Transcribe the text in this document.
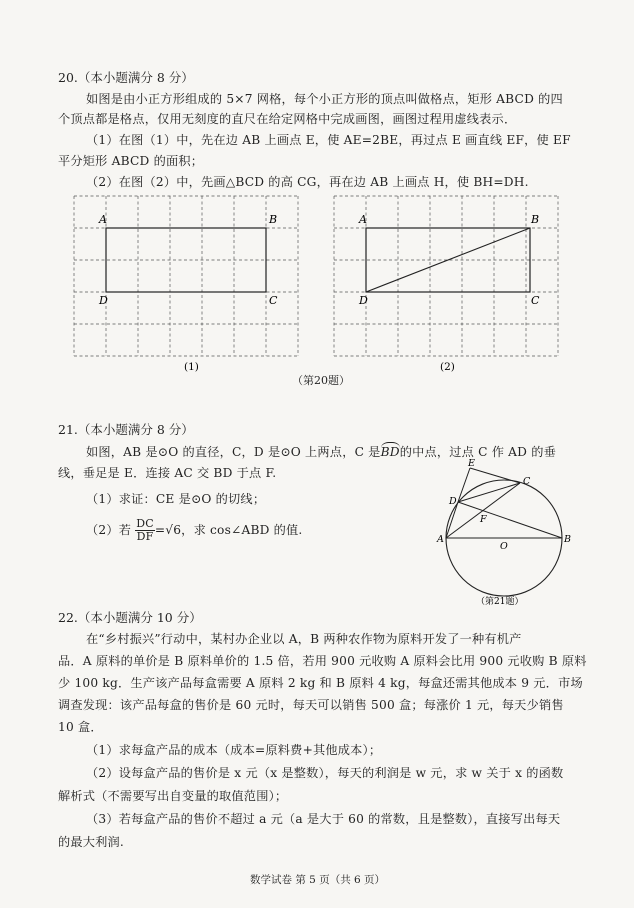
20.（本小题满分 8 分）
如图是由小正方形组成的 5×7 网格，每个小正方形的顶点叫做格点，矩形 ABCD 的四
个顶点都是格点，仅用无刻度的直尺在给定网格中完成画图，画图过程用虚线表示．
（1）在图（1）中，先在边 AB 上画点 E，使 AE=2BE，再过点 E 画直线 EF，使 EF
平分矩形 ABCD 的面积；
（2）在图（2）中，先画△BCD 的高 CG，再在边 AB 上画点 H，使 BH=DH.
A	B
D	C
(1)
A	B
D	C
(2)
（第20题）
21.（本小题满分 8 分）
如图，AB 是⊙O 的直径，C，D 是⊙O 上两点，C 是BD的中点，过点 C 作 AD 的垂
线，垂足是 E．连接 AC 交 BD 于点 F.
（1）求证：CE 是⊙O 的切线；
（2）若 $\frac{DC}{DF} =√6$，求 cos∠ABD 的值.
E
C
D
F
A
O
B
（第21题）
22.（本小题满分 10 分）
在“乡村振兴”行动中，某村办企业以 A，B 两种农作物为原料开发了一种有机产
品．A 原料的单价是 B 原料单价的 1.5 倍，若用 900 元收购 A 原料会比用 900 元收购 B 原料
少 100 kg．生产该产品每盒需要 A 原料 2 kg 和 B 原料 4 kg，每盒还需其他成本 9 元．市场
调查发现：该产品每盒的售价是 60 元时，每天可以销售 500 盒；每涨价 1 元，每天少销售
10 盒．
（1）求每盒产品的成本（成本=原料费+其他成本）；
（2）设每盒产品的售价是 x 元（x 是整数），每天的利润是 w 元，求 w 关于 x 的函数
解析式（不需要写出自变量的取值范围）；
（3）若每盒产品的售价不超过 a 元（a 是大于 60 的常数，且是整数），直接写出每天
的最大利润.
数学试卷 第 5 页（共 6 页）
